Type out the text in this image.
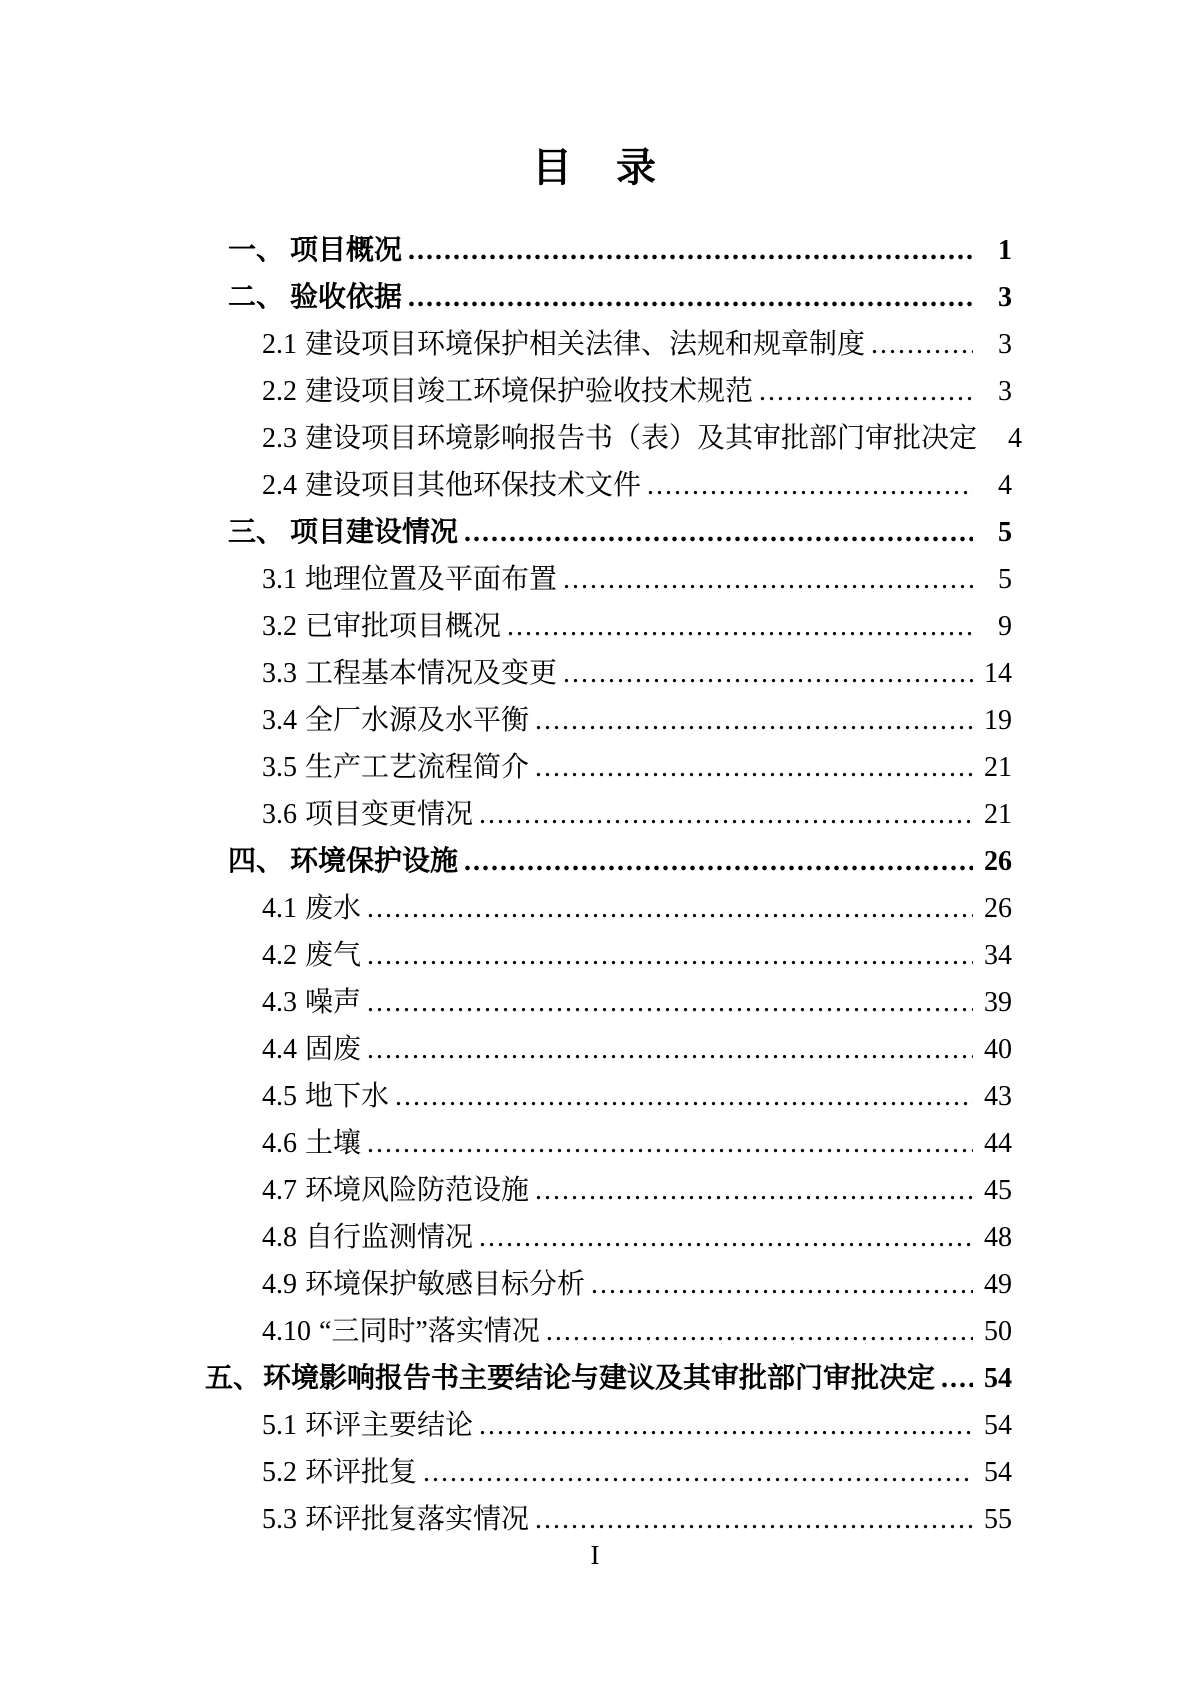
目　录
一、 项目概况 .....	1
二、 验收依据 .....	3
2.1 建设项目环境保护相关法律、法规和规章制度 .....	3
2.2 建设项目竣工环境保护验收技术规范 .....	3
2.3 建设项目环境影响报告书（表）及其审批部门审批决定	4
2.4 建设项目其他环保技术文件 .....	4
三、 项目建设情况 .....	5
3.1 地理位置及平面布置 .....	5
3.2 已审批项目概况 .....	9
3.3 工程基本情况及变更 .....	14
3.4 全厂水源及水平衡 .....	19
3.5 生产工艺流程简介 .....	21
3.6 项目变更情况 .....	21
四、 环境保护设施 .....	26
4.1 废水 .....	26
4.2 废气 .....	34
4.3 噪声 .....	39
4.4 固废 .....	40
4.5 地下水 .....	43
4.6 土壤 .....	44
4.7 环境风险防范设施 .....	45
4.8 自行监测情况 .....	48
4.9 环境保护敏感目标分析 .....	49
4.10 “三同时”落实情况 .....	50
五、 环境影响报告书主要结论与建议及其审批部门审批决定 ..... 54
5.1 环评主要结论 .....	54
5.2 环评批复 .....	54
5.3 环评批复落实情况 .....	55
I
